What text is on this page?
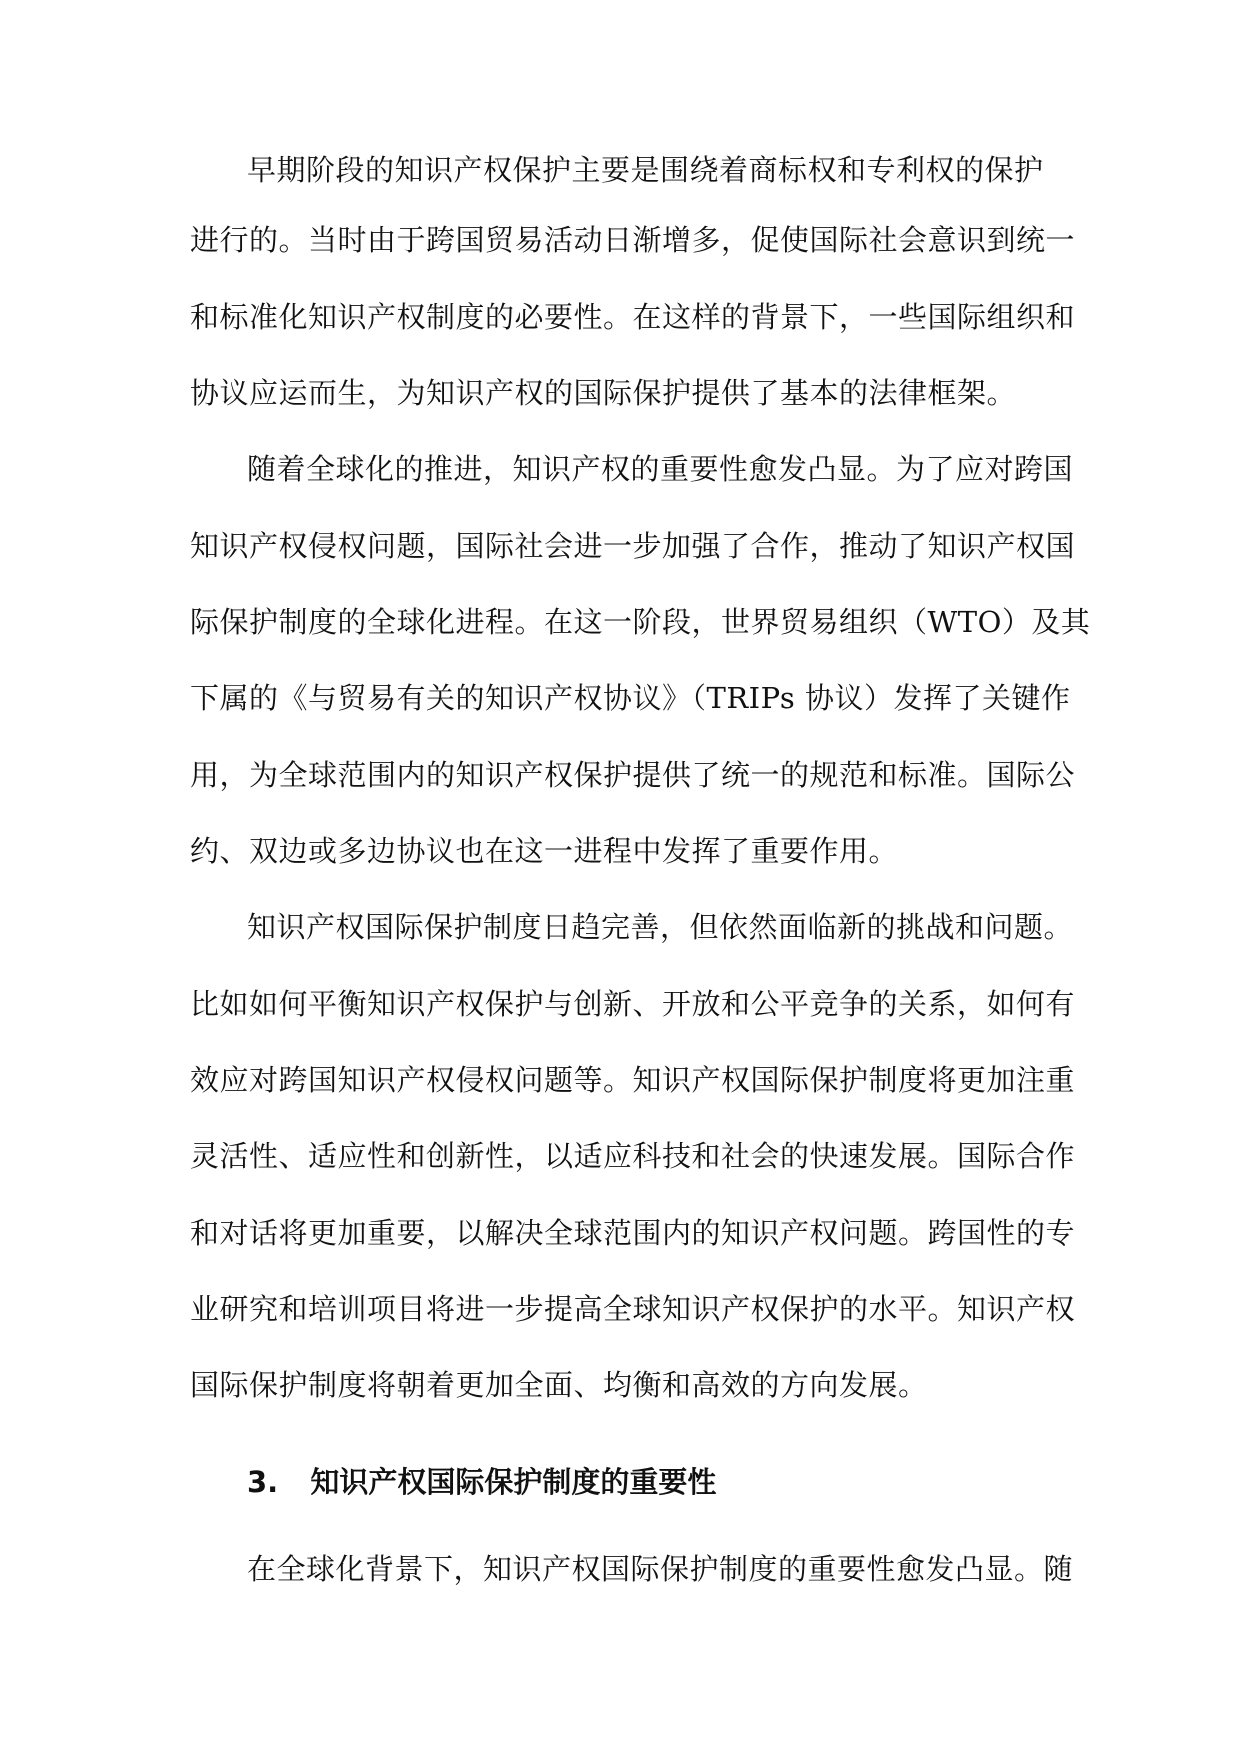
早期阶段的知识产权保护主要是围绕着商标权和专利权的保护
进行的。当时由于跨国贸易活动日渐增多，促使国际社会意识到统一
和标准化知识产权制度的必要性。在这样的背景下，一些国际组织和
协议应运而生，为知识产权的国际保护提供了基本的法律框架。
随着全球化的推进，知识产权的重要性愈发凸显。为了应对跨国
知识产权侵权问题，国际社会进一步加强了合作，推动了知识产权国
际保护制度的全球化进程。在这一阶段，世界贸易组织（WTO）及其
下属的《与贸易有关的知识产权协议》（TRIPs 协议）发挥了关键作
用，为全球范围内的知识产权保护提供了统一的规范和标准。国际公
约、双边或多边协议也在这一进程中发挥了重要作用。
知识产权国际保护制度日趋完善，但依然面临新的挑战和问题。
比如如何平衡知识产权保护与创新、开放和公平竞争的关系，如何有
效应对跨国知识产权侵权问题等。知识产权国际保护制度将更加注重
灵活性、适应性和创新性，以适应科技和社会的快速发展。国际合作
和对话将更加重要，以解决全球范围内的知识产权问题。跨国性的专
业研究和培训项目将进一步提高全球知识产权保护的水平。知识产权
国际保护制度将朝着更加全面、均衡和高效的方向发展。
3. 知识产权国际保护制度的重要性
在全球化背景下，知识产权国际保护制度的重要性愈发凸显。随
